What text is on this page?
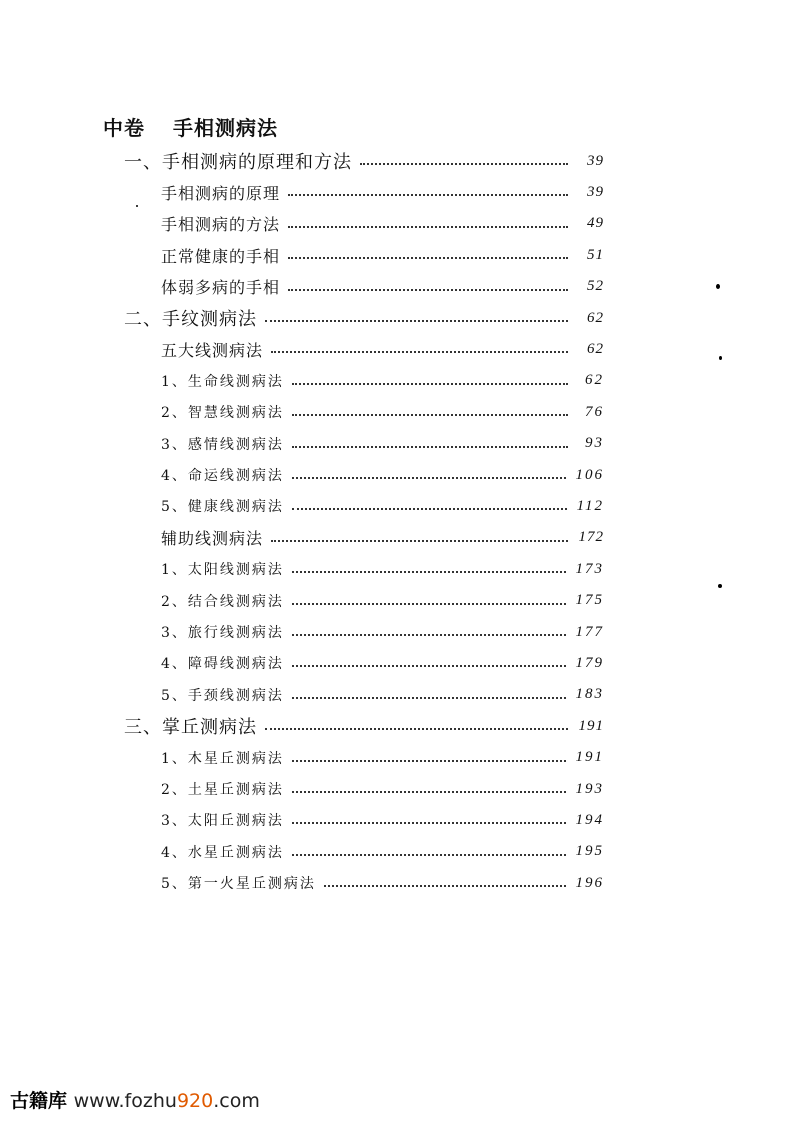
中卷 手相测病法
一、手相测病的原理和方法	39
手相测病的原理	39
手相测病的方法	49
正常健康的手相	51
体弱多病的手相	52
二、手纹测病法	62
五大线测病法	62
1、生命线测病法	62
2、智慧线测病法	76
3、感情线测病法	93
4、命运线测病法	106
5、健康线测病法	112
辅助线测病法	172
1、太阳线测病法	173
2、结合线测病法	175
3、旅行线测病法	177
4、障碍线测病法	179
5、手颈线测病法	183
三、掌丘测病法	191
1、木星丘测病法	191
2、土星丘测病法	193
3、太阳丘测病法	194
4、水星丘测病法	195
5、第一火星丘测病法	196
古籍库 www.fozhu920.com
